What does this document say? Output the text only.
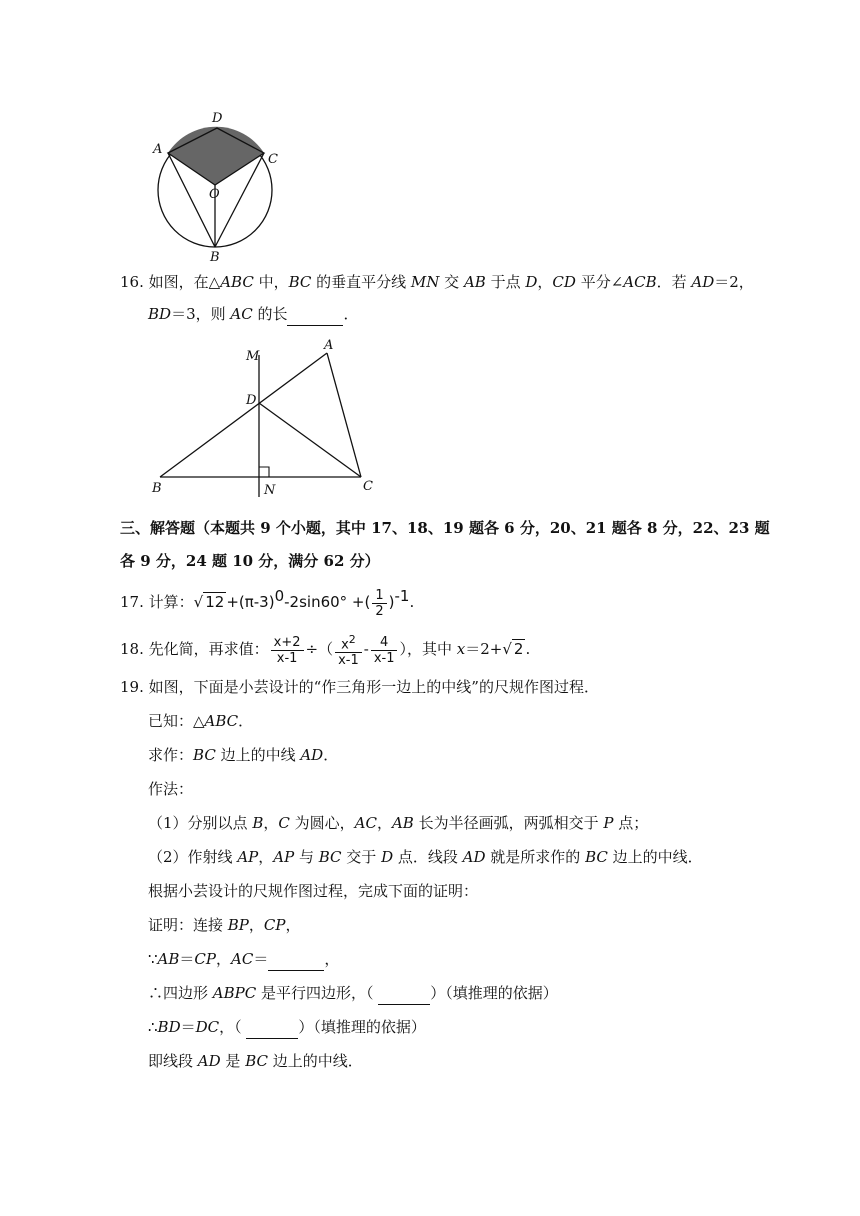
D
A
C
O
B
16. 如图，在△ABC 中，BC 的垂直平分线 MN 交 AB 于点 D，CD 平分∠ACB．若 AD＝2，
BD＝3，则 AC 的长	．
M
A
D
B	N	C
三、解答题（本题共 9 个小题，其中 17、18、19 题各 6 分，20、21 题各 8 分，22、23 题
各 9 分，24 题 10 分，满分 62 分）
17. 计算：√ $12 +(\pi-3)^0-2\sin 60^\circ$ +( $\frac{1}{2} )^{-1}$.
18. 先化简，再求值： $\frac{x+2}{x-1}$ ÷（ $\frac{x^2}{x-1} - \frac{4}{x-1}$ ），其中 x＝2+√ 2 .
19. 如图，下面是小芸设计的“作三角形一边上的中线”的尺规作图过程．
已知：△ABC．
求作：BC 边上的中线 AD．
作法：
（1）分别以点 B，C 为圆心，AC，AB 长为半径画弧，两弧相交于 P 点；
（2）作射线 AP，AP 与 BC 交于 D 点．线段 AD 就是所求作的 BC 边上的中线．
根据小芸设计的尺规作图过程，完成下面的证明：
证明：连接 BP，CP，
∵AB＝CP，AC＝	，
∴四边形 ABPC 是平行四边形，（	）（填推理的依据）
∴BD＝DC，（	）（填推理的依据）
即线段 AD 是 BC 边上的中线．
